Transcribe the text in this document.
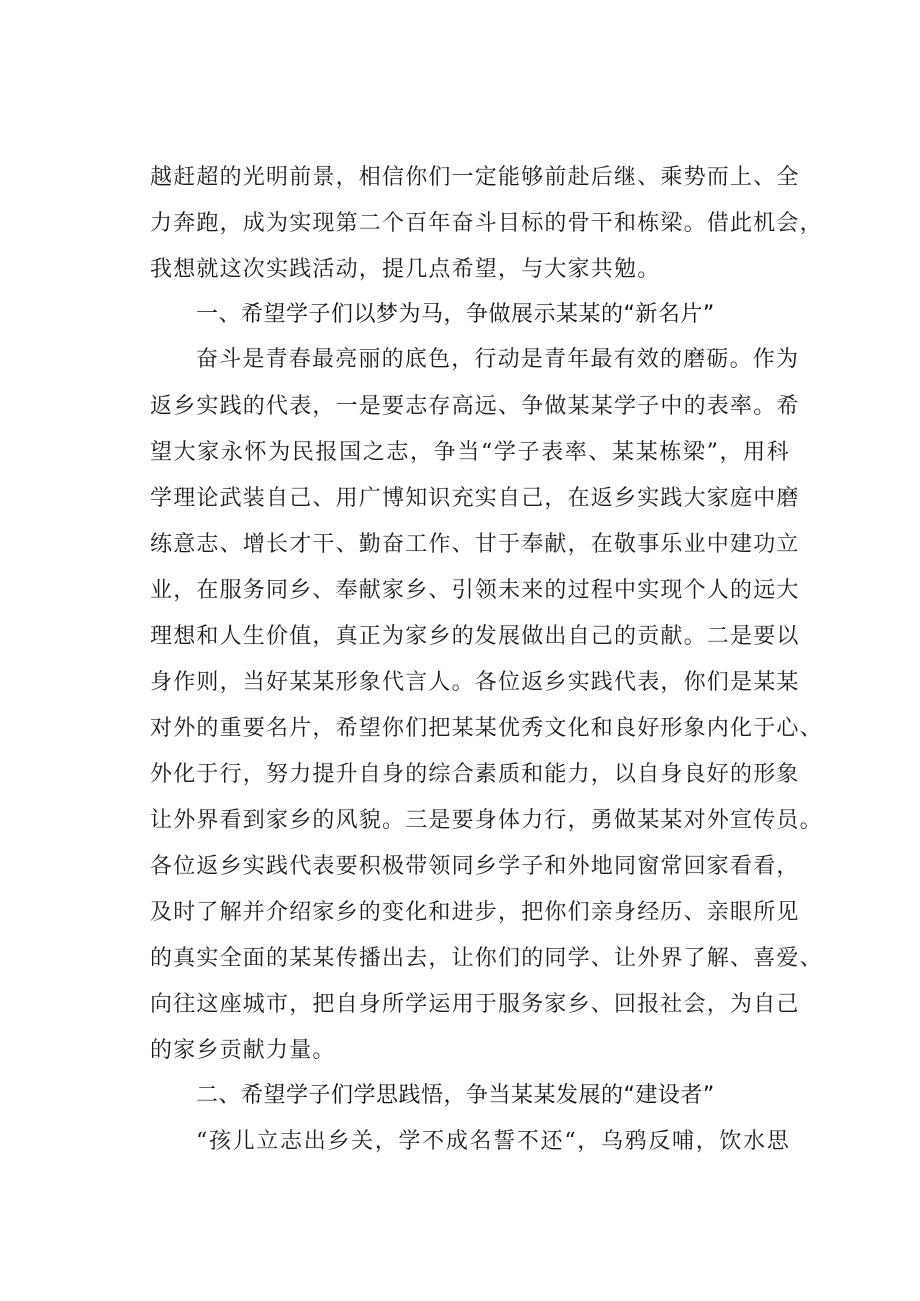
越赶超的光明前景，相信你们一定能够前赴后继、乘势而上、全
力奔跑，成为实现第二个百年奋斗目标的骨干和栋梁。借此机会，
我想就这次实践活动，提几点希望，与大家共勉。
一、希望学子们以梦为马，争做展示某某的“新名片”
奋斗是青春最亮丽的底色，行动是青年最有效的磨砺。作为
返乡实践的代表，一是要志存高远、争做某某学子中的表率。希
望大家永怀为民报国之志，争当“学子表率、某某栋梁”，用科
学理论武装自己、用广博知识充实自己，在返乡实践大家庭中磨
练意志、增长才干、勤奋工作、甘于奉献，在敬事乐业中建功立
业，在服务同乡、奉献家乡、引领未来的过程中实现个人的远大
理想和人生价值，真正为家乡的发展做出自己的贡献。二是要以
身作则，当好某某形象代言人。各位返乡实践代表，你们是某某
对外的重要名片，希望你们把某某优秀文化和良好形象内化于心、
外化于行，努力提升自身的综合素质和能力，以自身良好的形象
让外界看到家乡的风貌。三是要身体力行，勇做某某对外宣传员。
各位返乡实践代表要积极带领同乡学子和外地同窗常回家看看，
及时了解并介绍家乡的变化和进步，把你们亲身经历、亲眼所见
的真实全面的某某传播出去，让你们的同学、让外界了解、喜爱、
向往这座城市，把自身所学运用于服务家乡、回报社会，为自己
的家乡贡献力量。
二、希望学子们学思践悟，争当某某发展的“建设者”
“孩儿立志出乡关，学不成名誓不还“，乌鸦反哺，饮水思
